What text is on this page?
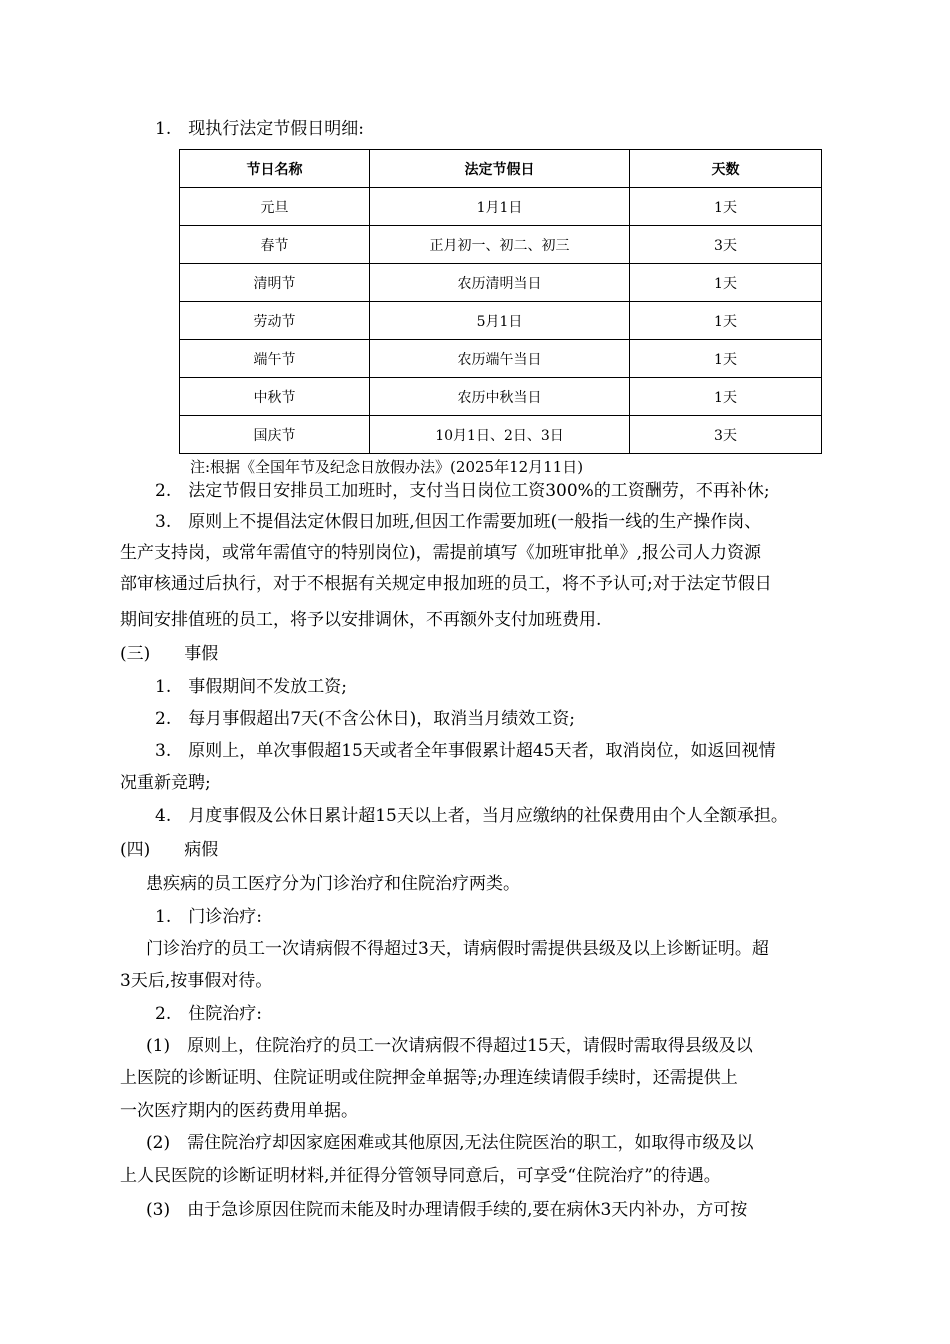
1.　现执行法定节假日明细:
节日名称	法定节假日	天数
元旦	1月1日	1天
春节	正月初一、初二、初三	3天
清明节	农历清明当日	1天
劳动节	5月1日	1天
端午节	农历端午当日	1天
中秋节	农历中秋当日	1天
国庆节	10月1日、2日、3日	3天
注:根据《全国年节及纪念日放假办法》(2025年12月11日)
2.　法定节假日安排员工加班时，支付当日岗位工资300%的工资酬劳，不再补休;
3.　原则上不提倡法定休假日加班,但因工作需要加班(一般指一线的生产操作岗、
生产支持岗，或常年需值守的特别岗位)，需提前填写《加班审批单》,报公司人力资源
部审核通过后执行，对于不根据有关规定申报加班的员工，将不予认可;对于法定节假日
期间安排值班的员工，将予以安排调休，不再额外支付加班费用.
(三)　　事假
1.　事假期间不发放工资;
2.　每月事假超出7天(不含公休日)，取消当月绩效工资;
3.　原则上，单次事假超15天或者全年事假累计超45天者，取消岗位，如返回视情
况重新竞聘;
4.　月度事假及公休日累计超15天以上者，当月应缴纳的社保费用由个人全额承担。
(四)　　病假
患疾病的员工医疗分为门诊治疗和住院治疗两类。
1.　门诊治疗:
门诊治疗的员工一次请病假不得超过3天，请病假时需提供县级及以上诊断证明。超
3天后,按事假对待。
2.　住院治疗:
(1)　原则上，住院治疗的员工一次请病假不得超过15天，请假时需取得县级及以
上医院的诊断证明、住院证明或住院押金单据等;办理连续请假手续时，还需提供上
一次医疗期内的医药费用单据。
(2)　需住院治疗却因家庭困难或其他原因,无法住院医治的职工，如取得市级及以
上人民医院的诊断证明材料,并征得分管领导同意后，可享受“住院治疗”的待遇。
(3)　由于急诊原因住院而未能及时办理请假手续的,要在病休3天内补办，方可按
